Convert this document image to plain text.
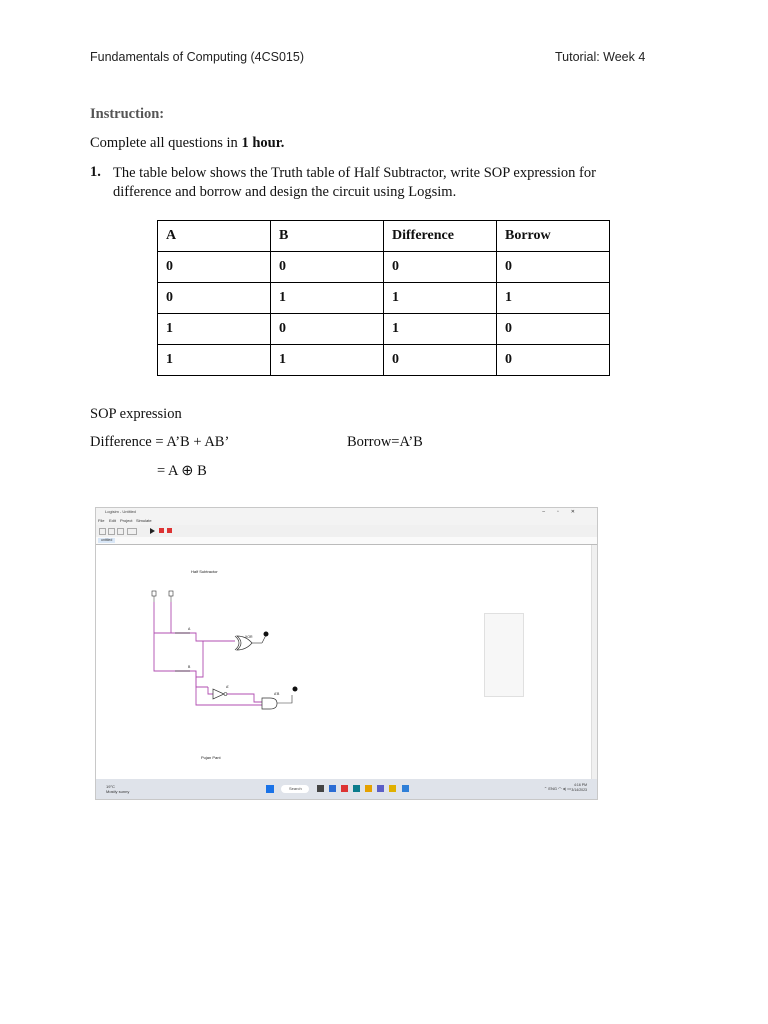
Fundamentals of Computing (4CS015)	Tutorial: Week 4
Instruction:
Complete all questions in 1 hour.
1. The table below shows the Truth table of Half Subtractor, write SOP expression for
difference and borrow and design the circuit using Logsim.
A	B	Difference	Borrow
0	0	0	0
0	1	1	1
1	0	1	0
1	1	0	0
SOP expression
Difference = A’B + AB’	Borrow=A’B
= A ⊕ B
Logisim - Untitled	–▫✕
File Edit Project Simulate
untitled
Half Subtractor
A
B
XOR
A'
A'B
Pujan Pant
19°C
Mostly sunny
Search	⌃ ENG ◠ ◂) ▭
4:16 PM
3/14/2023
